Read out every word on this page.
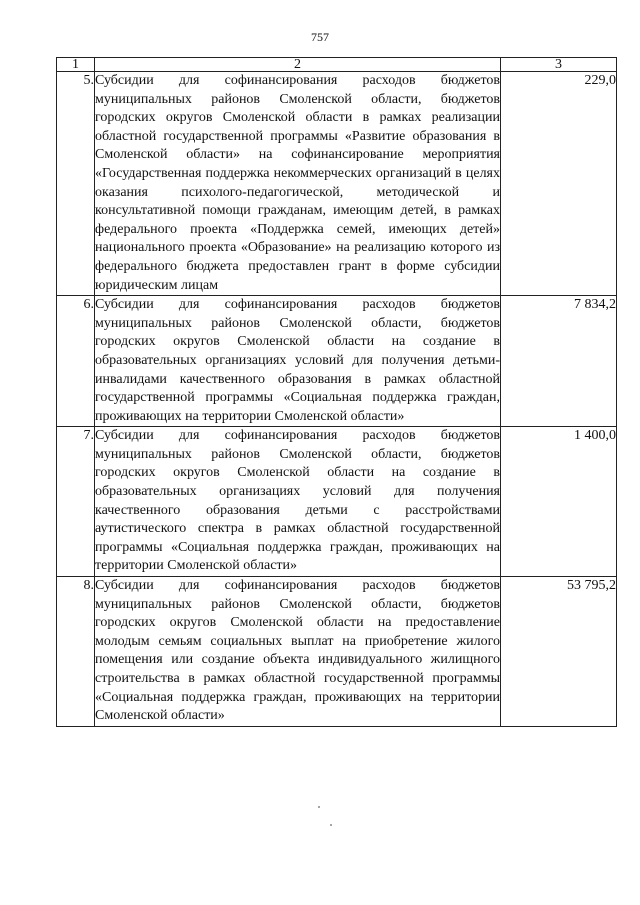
757
1	2	3
5.	Субсидии для софинансирования расходов бюджетов муниципальных районов Смоленской области, бюджетов городских округов Смоленской области в рамках реализации областной государственной программы «Развитие образования в Смоленской области» на софинансирование мероприятия «Государственная поддержка некоммерческих организаций в целях оказания психолого-педагогической, методической и консультативной помощи гражданам, имеющим детей, в рамках федерального проекта «Поддержка семей, имеющих детей» национального проекта «Образование» на реализацию которого из федерального бюджета предоставлен грант в форме субсидии юридическим лицам	229,0
6.	Субсидии для софинансирования расходов бюджетов муниципальных районов Смоленской области, бюджетов городских округов Смоленской области на создание в образовательных организациях условий для получения детьми-инвалидами качественного образования в рамках областной государственной программы «Социальная поддержка граждан, проживающих на территории Смоленской области»	7 834,2
7.	Субсидии для софинансирования расходов бюджетов муниципальных районов Смоленской области, бюджетов городских округов Смоленской области на создание в образовательных организациях условий для получения качественного образования детьми с расстройствами аутистического спектра в рамках областной государственной программы «Социальная поддержка граждан, проживающих на территории Смоленской области»	1 400,0
8.	Субсидии для софинансирования расходов бюджетов муниципальных районов Смоленской области, бюджетов городских округов Смоленской области на предоставление молодым семьям социальных выплат на приобретение жилого помещения или создание объекта индивидуального жилищного строительства в рамках областной государственной программы «Социальная поддержка граждан, проживающих на территории Смоленской области»	53 795,2
